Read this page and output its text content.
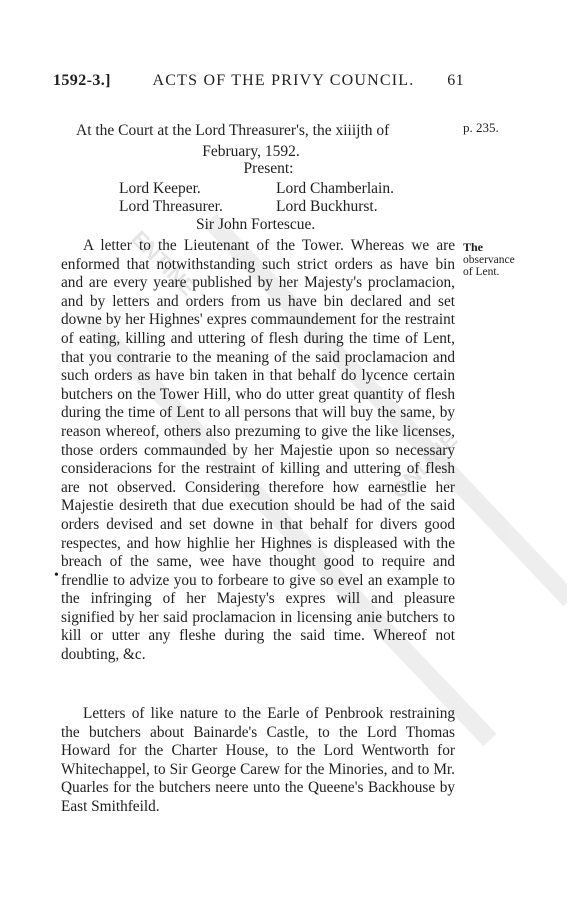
ENTINE
ONLINE
1592-3.]	ACTS OF THE PRIVY COUNCIL.	61
At the Court at the Lord Threasurer's, the xiiijth of
February, 1592.
p. 235.
Present:
Lord Keeper.	Lord Chamberlain.
Lord Threasurer.	Lord Buckhurst.
Sir John Fortescue.
The
observance
of Lent.
•

A letter to the Lieutenant of the Tower. Whereas we are enformed that notwithstanding such strict orders as have bin and are every yeare published by her Majesty's proclamacion, and by letters and orders from us have bin declared and set downe by her Highnes' expres commaundement for the restraint of eating, killing and uttering of flesh during the time of Lent, that you contrarie to the meaning of the said proclamacion and such orders as have bin taken in that behalf do lycence certain butchers on the Tower Hill, who do utter great quantity of flesh during the time of Lent to all persons that will buy the same, by reason whereof, others also prezuming to give the like licenses, those orders commaunded by her Majestie upon so necessary consideracions for the restraint of killing and uttering of flesh are not observed. Considering therefore how earnestlie her Majestie desireth that due execution should be had of the said orders devised and set downe in that behalf for divers good respectes, and how highlie her Highnes is displeased with the breach of the same, wee have thought good to require and frendlie to advize you to forbeare to give so evel an example to the infringing of her Majesty's expres will and pleasure signified by her said proclamacion in licensing anie butchers to kill or utter any fleshe during the said time. Whereof not doubting, &c.

Letters of like nature to the Earle of Penbrook restraining the butchers about Bainarde's Castle, to the Lord Thomas Howard for the Charter House, to the Lord Wentworth for Whitechappel, to Sir George Carew for the Minories, and to Mr. Quarles for the butchers neere unto the Queene's Backhouse by East Smithfeild.
